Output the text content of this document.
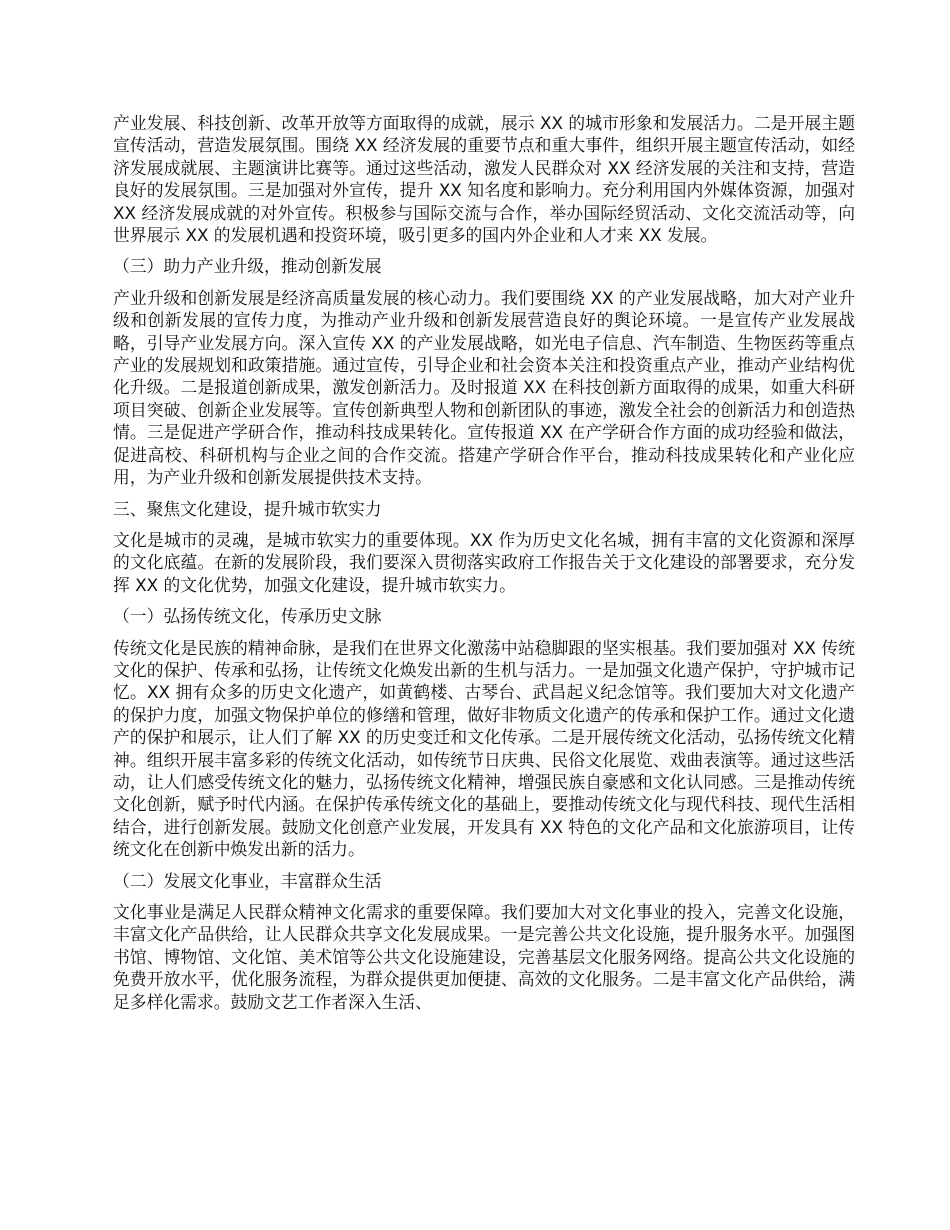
产业发展、科技创新、改革开放等方面取得的成就，展示 XX 的城市形象和发展活力。二是开展主题宣传活动，营造发展氛围。围绕 XX 经济发展的重要节点和重大事件，组织开展主题宣传活动，如经济发展成就展、主题演讲比赛等。通过这些活动，激发人民群众对 XX 经济发展的关注和支持，营造良好的发展氛围。三是加强对外宣传，提升 XX 知名度和影响力。充分利用国内外媒体资源，加强对 XX 经济发展成就的对外宣传。积极参与国际交流与合作，举办国际经贸活动、文化交流活动等，向世界展示 XX 的发展机遇和投资环境，吸引更多的国内外企业和人才来 XX 发展。

（三）助力产业升级，推动创新发展

产业升级和创新发展是经济高质量发展的核心动力。我们要围绕 XX 的产业发展战略，加大对产业升级和创新发展的宣传力度，为推动产业升级和创新发展营造良好的舆论环境。一是宣传产业发展战略，引导产业发展方向。深入宣传 XX 的产业发展战略，如光电子信息、汽车制造、生物医药等重点产业的发展规划和政策措施。通过宣传，引导企业和社会资本关注和投资重点产业，推动产业结构优化升级。二是报道创新成果，激发创新活力。及时报道 XX 在科技创新方面取得的成果，如重大科研项目突破、创新企业发展等。宣传创新典型人物和创新团队的事迹，激发全社会的创新活力和创造热情。三是促进产学研合作，推动科技成果转化。宣传报道 XX 在产学研合作方面的成功经验和做法，促进高校、科研机构与企业之间的合作交流。搭建产学研合作平台，推动科技成果转化和产业化应用，为产业升级和创新发展提供技术支持。

三、聚焦文化建设，提升城市软实力

文化是城市的灵魂，是城市软实力的重要体现。XX 作为历史文化名城，拥有丰富的文化资源和深厚的文化底蕴。在新的发展阶段，我们要深入贯彻落实政府工作报告关于文化建设的部署要求，充分发挥 XX 的文化优势，加强文化建设，提升城市软实力。

（一）弘扬传统文化，传承历史文脉

传统文化是民族的精神命脉，是我们在世界文化激荡中站稳脚跟的坚实根基。我们要加强对 XX 传统文化的保护、传承和弘扬，让传统文化焕发出新的生机与活力。一是加强文化遗产保护，守护城市记忆。XX 拥有众多的历史文化遗产，如黄鹤楼、古琴台、武昌起义纪念馆等。我们要加大对文化遗产的保护力度，加强文物保护单位的修缮和管理，做好非物质文化遗产的传承和保护工作。通过文化遗产的保护和展示，让人们了解 XX 的历史变迁和文化传承。二是开展传统文化活动，弘扬传统文化精神。组织开展丰富多彩的传统文化活动，如传统节日庆典、民俗文化展览、戏曲表演等。通过这些活动，让人们感受传统文化的魅力，弘扬传统文化精神，增强民族自豪感和文化认同感。三是推动传统文化创新，赋予时代内涵。在保护传承传统文化的基础上，要推动传统文化与现代科技、现代生活相结合，进行创新发展。鼓励文化创意产业发展，开发具有 XX 特色的文化产品和文化旅游项目，让传统文化在创新中焕发出新的活力。

（二）发展文化事业，丰富群众生活

文化事业是满足人民群众精神文化需求的重要保障。我们要加大对文化事业的投入，完善文化设施，丰富文化产品供给，让人民群众共享文化发展成果。一是完善公共文化设施，提升服务水平。加强图书馆、博物馆、文化馆、美术馆等公共文化设施建设，完善基层文化服务网络。提高公共文化设施的免费开放水平，优化服务流程，为群众提供更加便捷、高效的文化服务。二是丰富文化产品供给，满足多样化需求。鼓励文艺工作者深入生活、
